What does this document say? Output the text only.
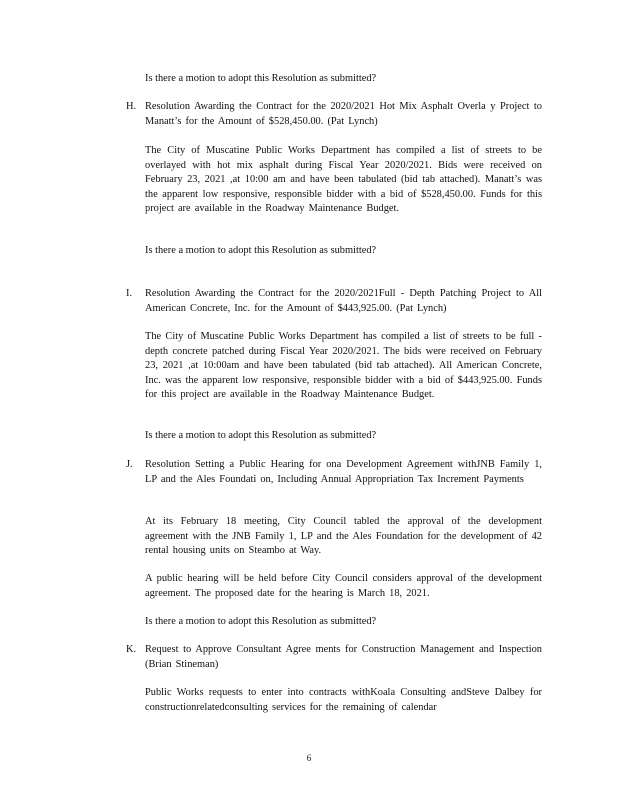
Is there a motion to adopt this Resolution as submitted?
H. Resolution Awarding the Contract for the 2020/2021 Hot Mix Asphalt Overla y Project to Manatt’s for the Amount of $528,450.00. (Pat Lynch)
The City of Muscatine Public Works Department has compiled a list of streets to be overlayed with hot mix asphalt during Fiscal Year 2020/2021. Bids were received on February 23, 2021 ,at 10:00 am and have been tabulated (bid tab attached). Manatt’s was the apparent low responsive, responsible bidder with a bid of $528,450.00. Funds for this project are available in the Roadway Maintenance Budget.
Is there a motion to adopt this Resolution as submitted?
I. Resolution Awarding the Contract for the 2020/2021Full - Depth Patching Project to All American Concrete, Inc. for the Amount of $443,925.00. (Pat Lynch)
The City of Muscatine Public Works Department has compiled a list of streets to be full -depth concrete patched during Fiscal Year 2020/2021. The bids were received on February 23, 2021 ,at 10:00am and have been tabulated (bid tab attached). All American Concrete, Inc. was the apparent low responsive, responsible bidder with a bid of $443,925.00. Funds for this project are available in the Roadway Maintenance Budget.
Is there a motion to adopt this Resolution as submitted?
J. Resolution Setting a Public Hearing for ona Development Agreement withJNB Family 1, LP and the Ales Foundati on, Including Annual Appropriation Tax Increment Payments
At its February 18 meeting, City Council tabled the approval of the development agreement with the JNB Family 1, LP and the Ales Foundation for the development of 42 rental housing units on Steambo at Way.
A public hearing will be held before City Council considers approval of the development agreement. The proposed date for the hearing is March 18, 2021.
Is there a motion to adopt this Resolution as submitted?
K. Request to Approve Consultant Agree ments for Construction Management and Inspection (Brian Stineman)
Public Works requests to enter into contracts withKoala Consulting andSteve Dalbey for constructionrelatedconsulting services for the remaining of calendar
6
